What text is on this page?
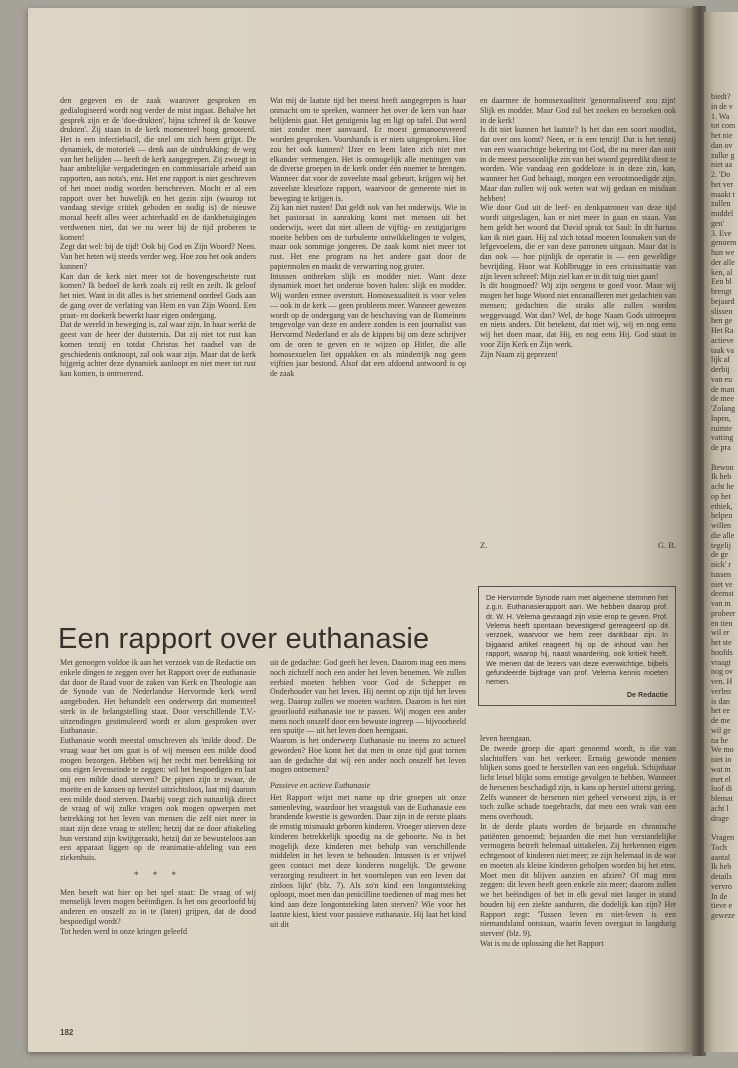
den gegeven en de zaak waarover gesproken en gedialogiseerd wordt nog verder de mist ingaat. Behalve het gesprek zijn er de 'doe-drukten', bijna schreef ik de 'kouwe drukten'. Zij staan in de kerk momenteel hoog genoteerd. Het is een infectiebacil, die snel om zich heen grijpt. De dynamiek, de motoriek — denk aan de uitdrukking: de weg van het belijden — heeft de kerk aangegrepen. Zij zwoegt in haar ambtelijke vergaderingen en commissariale arbeid aan rapporten, aan nota's, enz. Het ene rapport is niet geschreven of het moet nodig worden herschreven. Mocht er al een rapport over het huwelijk en het gezin zijn (waarop tot vandaag stevige critiek geboden en nodig is) de nieuwe moraal heeft alles weer achterhaald en de dankbetuigingen verdwenen niet, dat we nu weer bij de tijd proberen te komen!

Zegt dat wel: bij de tijd! Ook bij God en Zijn Woord? Neen. Van het heten wij steeds verder weg. Hoe zou het ook anders kunnen?

Kan dan de kerk niet meer tot de bovengeschetste rust komen? Ik bedoel de kerk zoals zij reilt en zeilt. Ik geloof het niet. Want in dit alles is het striemend oordeel Gods aan de gang over de verlating van Hem en van Zijn Woord. Een praat- en doekerk bewerkt haar eigen ondergang.

Dat de wereld in beweging is, zal waar zijn. In haar werkt de geest van de heer der duisternis. Dat zij niet tot rust kan komen tenzij en totdat Christus het raadsel van de geschiedenis ontknoopt, zal ook waar zijn. Maar dat de kerk hijgerig achter deze dynamiek aanloopt en niet meer tot rust kan komen, is ontroerend.

Wat mij de laatste tijd het meest heeft aangegrepen is haar onmacht om te spreken, wanneer het over de kern van haar belijdenis gaat. Het getuigenis lag en ligt op tafel. Dat werd niet zonder meer aanvaard. Er moest gemanoeuvreerd worden gesproken. Voorshands is er niets uitgesproken. Hoe zou het ook kunnen? IJzer en leem laten zich niet met elkander vermengen. Het is onmogelijk alle meningen van de diverse groepen in de kerk onder één noemer te brengen. Wanneer dat voor de zoveelste maal gebeurt, krijgen wij het zoveelste kleurloze rapport, waarvoor de gemeente niet in beweging te krijgen is.

Zij kan niet rusten! Dat geldt ook van het onderwijs. Wie in het pastoraat in aanraking komt met mensen uit het onderwijs, weet dat niet alleen de vijftig- en zestigjarigen moeite hebben om de turbulente ontwikkelingen te volgen, maar ook sommige jongeren. De zaak komt niet meer tot rust. Het ene program na het andere gaat door de papiermolen en maakt de verwarring nog groter.

Intussen ontbreken slijk en modder niet. Want deze dynamiek moet het onderste boven halen: slijk en modder. Wij worden ermee overstort. Homosexualiteit is voor velen — ook in de kerk — geen probleem meer. Wanneer gewezen wordt op de ondergang van de beschaving van de Romeinen tengevolge van deze en andere zonden is een journalist van Hervormd Nederland er als de kippen bij om deze schrijver om de oren te geven en te wijzen op Hitler, die alle homosexuelen liet oppakken en als minderrijk nog geen vijftien jaar bestond. Alsof dat een afdoend antwoord is op de zaak

en daarmee de homosexualiteit 'genormaliseerd' zou zijn! Slijk en modder. Maar God zal het zoeken en bezoeken ook in de kerk!

Is dit niet kunnen het laatste? Is het dan een soort noodlot, dat over ons komt? Neen, er is een tenzij! Dat is het tenzij van een waarachtige bekering tot God, die nu meer dan ooit in de meest persoonlijke zin van het woord gepredikt dient te worden. Wie vandaag een goddeloze is in deze zin, kan, wanneer het God behaagt, morgen een verootmoedigde zijn. Maar dan zullen wij ook weten wat wij gedaan en misdaan hebben!

Wie door God uit de leef- en denkpatronen van deze tijd wordt uitgeslagen, kan er niet meer in gaan en staan. Van hem geldt het woord dat David sprak tot Saul: In dit harnas kan ik niet gaan. Hij zal zich totaal moeten losmaken van de lefgevoelens, die er van deze patronen uitgaan. Maar dat is dan ook — hoe pijnlijk de operatie is — een geweldige bevrijding. Hoor wat Kohlbrugge in een crisissituatie van zijn leven schreef: Mijn ziel kan er in dit tuig niet gaan!

Is dit hoogmoed? Wij zijn nergens te goed voor. Maar wij mogen het hoge Woord niet encanailleren met gedachten van mensen; gedachten die straks alle zullen worden weggevaagd. Wat dan? Wel, de hoge Naam Gods uitroepen en niets anders. Dit betekent, dat niet wij, wij en nog eens wij het doen maar, dat Hij, en nog eens Hij. God staat in voor Zijn Kerk en Zijn werk.

Zijn Naam zij geprezen!

Z.	G. B.
Een rapport over euthanasie
De Hervormde Synode nam met algemene stemmen het z.g.n. Euthanasierapport aan. We hebben daarop prof. dr. W. H. Velema gevraagd zijn visie erop te geven. Prof. Velema heeft spontaan bevestigend gereageerd op dit verzoek, waarvoor we hem zeer dankbaar zijn. In bijgaand artikel reageert hij op de inhoud van het rapport, waarop hij, naast waardering, ook kritiek heeft. We menen dat de lezers van deze evenwichtige, bijbels gefundeerde bijdrage van prof. Velema kennis moeten nemen.
De Redactie

Met genoegen voldoe ik aan het verzoek van de Redactie om enkele dingen te zeggen over het Rapport over de euthanasie dat door de Raad voor de zaken van Kerk en Theologie aan de Synode van de Nederlandse Hervormde kerk werd aangeboden. Het behandelt een onderwerp dat momenteel sterk in de belangstelling staat. Door verschillende T.V.-uitzendingen gestimuleerd wordt er alom gesproken over Euthanasie.

Euthanasie wordt meestal omschreven als 'milde dood'. De vraag waar het om gaat is of wij mensen een milde dood mogen bezorgen. Hebben wij het recht met betrekking tot ons eigen levenseinde te zeggen: wil het bespoedigen en laat mij een milde dood sterven? De pijnen zijn te zwaar, de moeite en de kansen op herstel uitzichtsloos, laat mij daarom een milde dood sterven. Daarbij voegt zich natuurlijk direct de vraag of wij zulke vragen ook mogen opwerpen met betrekking tot het leven van mensen die zelf niet meer in staat zijn deze vraag te stellen; hetzij dat ze door aftakeling hun verstand zijn kwijtgeraakt, hetzij dat ze bewusteloos aan een apparaat liggen op de reanimatie-afdeling van een ziekenhuis.

* * *

Men beseft wat hier op het spel staat: De vraag of wij menselijk leven mogen beëindigen. Is het ons geoorloofd bij anderen en onszelf zo in te (laten) grijpen, dat de dood bespoedigd wordt?

Tot heden werd in onze kringen geleefd

uit de gedachte: God geeft het leven. Daarom mag een mens noch zichzelf noch een ander het leven benemen. We zullen eerbied moeten hebben voor God de Schepper en Onderhouder van het leven. Hij neemt op zijn tijd het leven weg. Daarop zullen we moeten wachten. Daarom is het niet geoorloofd euthanasie toe te passen. Wij mogen een ander mens noch onszelf door een bewuste ingreep — bijvoorbeeld een spuitje — uit het leven doen heengaan.

Waarom is het onderwerp Euthanasie nu ineens zo actueel geworden? Hoe komt het dat men in onze tijd gaat tornen aan de gedachte dat wij een ander noch onszelf het leven mogen ontnemen?

Passieve en actieve Euthanasie

Het Rapport wijst met name op drie groepen uit onze samenleving, waardoor het vraagstuk van de Euthanasie een brandende kwestie is geworden. Daar zijn in de eerste plaats de ernstig mismaakt geboren kinderen. Vroeger stierven deze kinderen betrekkelijk spoedig na de geboorte. Nu is het mogelijk deze kinderen met behulp van verschillende middelen in het leven te behouden. Intussen is er vrijwel geen contact met deze kinderen mogelijk. 'De gewone verzorging resulteert in het voortslepen van een leven dat zinloos lijkt' (blz. 7). Als zo'n kind een longontsteking oploopt, moet men dan penicilline toedienen of mag men het kind aan deze longontsteking laten sterven? Wie voor het laatste kiest, kiest voor passieve euthanasie. Hij laat het kind uit dit

leven heengaan.

De tweede groep die apart genoemd wordt, is die van slachtoffers van het verkeer. Ernstig gewonde mensen blijken soms goed te herstellen van een ongeluk. Schijnbaar licht letsel blijkt soms ernstige gevolgen te hebben. Wanneer de hersenen beschadigd zijn, is kans op herstel uiterst gering. Zelfs wanneer de hersenen niet geheel verwoest zijn, is er toch zulke schade toegebracht, dat men een wrak van een mens overhoudt.

In de derde plaats worden de bejaarde en chronische patiënten genoemd; bejaarden die met hun verstandelijke vermogens betreft helemaal uittakelen. Zij herkennen eigen echtgenoot of kinderen niet meer; ze zijn helemaal in de war en moeten als kleine kinderen geholpen worden bij het eten. Moet men dit blijven aanzien en afzien? Of mag men zeggen: dit leven heeft geen enkele zin meer; daarom zullen we het beëindigen of het in elk geval niet langer in stand houden bij een ziekte aanduren, die dodelijk kan zijn? Het Rapport zegt: 'Tussen leven en niet-leven is een niemandsland ontstaan, waarin leven overgaat in langdurig sterven' (blz. 9).

Wat is nu de oplossing die het Rapport

182

biedt?

in de v

1. Wa

tot com

het nie

dan ov

zulke g

niet aa

2. 'Do

het ver

maakt t

zullen

middel

gen'

3. Eve

genoem

hun we

der alle

ken, al

Een bl

brengt

bejaard

slissen

hen ge

Het Ra

actieve

taak va

lijk af

derbij

van eu

de man

de mee

'Zolang

lopen,

ruimte

vatting

de pra

Bewon

Ik heb

acht he

op het

ethiek,

helpen

willen

die alle

tegelij

de ge

nick' r

tussen

niet ve

deemst

van m

probeer

en tien

wil er

het ste

hoofds

vraagt

nog ov

ven. H

verlen

is dan

het ee

de me

wil ge

na he

We mo

niet in

wat m

met el

loof di

blemat

acht l

drage

Vragen

Toch

aantal

Ik heb

details

vervro

In de

tieve e

geweze
